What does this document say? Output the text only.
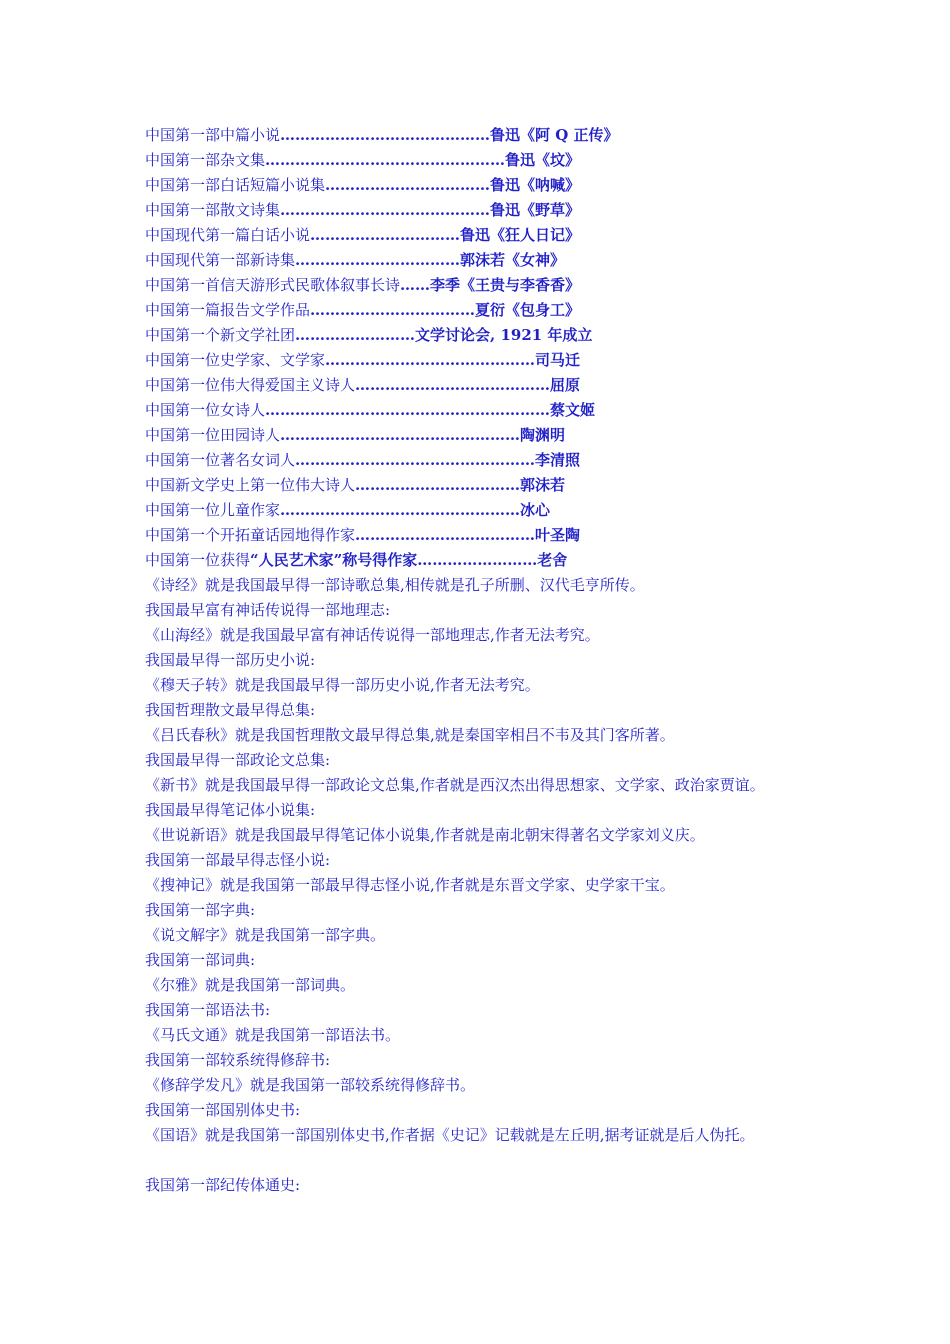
中国第一部中篇小说……………………………………鲁迅《阿 Q 正传》
中国第一部杂文集…………………………………………鲁迅《坟》
中国第一部白话短篇小说集……………………………鲁迅《呐喊》
中国第一部散文诗集……………………………………鲁迅《野草》
中国现代第一篇白话小说…………………………鲁迅《狂人日记》
中国现代第一部新诗集……………………………郭沫若《女神》
中国第一首信天游形式民歌体叙事长诗……李季《王贵与李香香》
中国第一篇报告文学作品……………………………夏衍《包身工》
中国第一个新文学社团……………………文学讨论会, 1921 年成立
中国第一位史学家、文学家……………………………………司马迁
中国第一位伟大得爱国主义诗人…………………………………屈原
中国第一位女诗人…………………………………………………蔡文姬
中国第一位田园诗人…………………………………………陶渊明
中国第一位著名女词人…………………………………………李清照
中国新文学史上第一位伟大诗人……………………………郭沫若
中国第一位儿童作家…………………………………………冰心
中国第一个开拓童话园地得作家………………………………叶圣陶
中国第一位获得“人民艺术家”称号得作家……………………老舍
《诗经》就是我国最早得一部诗歌总集,相传就是孔子所删、汉代毛亨所传。
我国最早富有神话传说得一部地理志:
《山海经》就是我国最早富有神话传说得一部地理志,作者无法考究。
我国最早得一部历史小说:
《穆天子转》就是我国最早得一部历史小说,作者无法考究。
我国哲理散文最早得总集:
《吕氏春秋》就是我国哲理散文最早得总集,就是秦国宰相吕不韦及其门客所著。
我国最早得一部政论文总集:
《新书》就是我国最早得一部政论文总集,作者就是西汉杰出得思想家、文学家、政治家贾谊。
我国最早得笔记体小说集:
《世说新语》就是我国最早得笔记体小说集,作者就是南北朝宋得著名文学家刘义庆。
我国第一部最早得志怪小说:
《搜神记》就是我国第一部最早得志怪小说,作者就是东晋文学家、史学家干宝。
我国第一部字典:
《说文解字》就是我国第一部字典。
我国第一部词典:
《尔雅》就是我国第一部词典。
我国第一部语法书:
《马氏文通》就是我国第一部语法书。
我国第一部较系统得修辞书:
《修辞学发凡》就是我国第一部较系统得修辞书。
我国第一部国别体史书:
《国语》就是我国第一部国别体史书,作者据《史记》记载就是左丘明,据考证就是后人伪托。
我国第一部纪传体通史:
